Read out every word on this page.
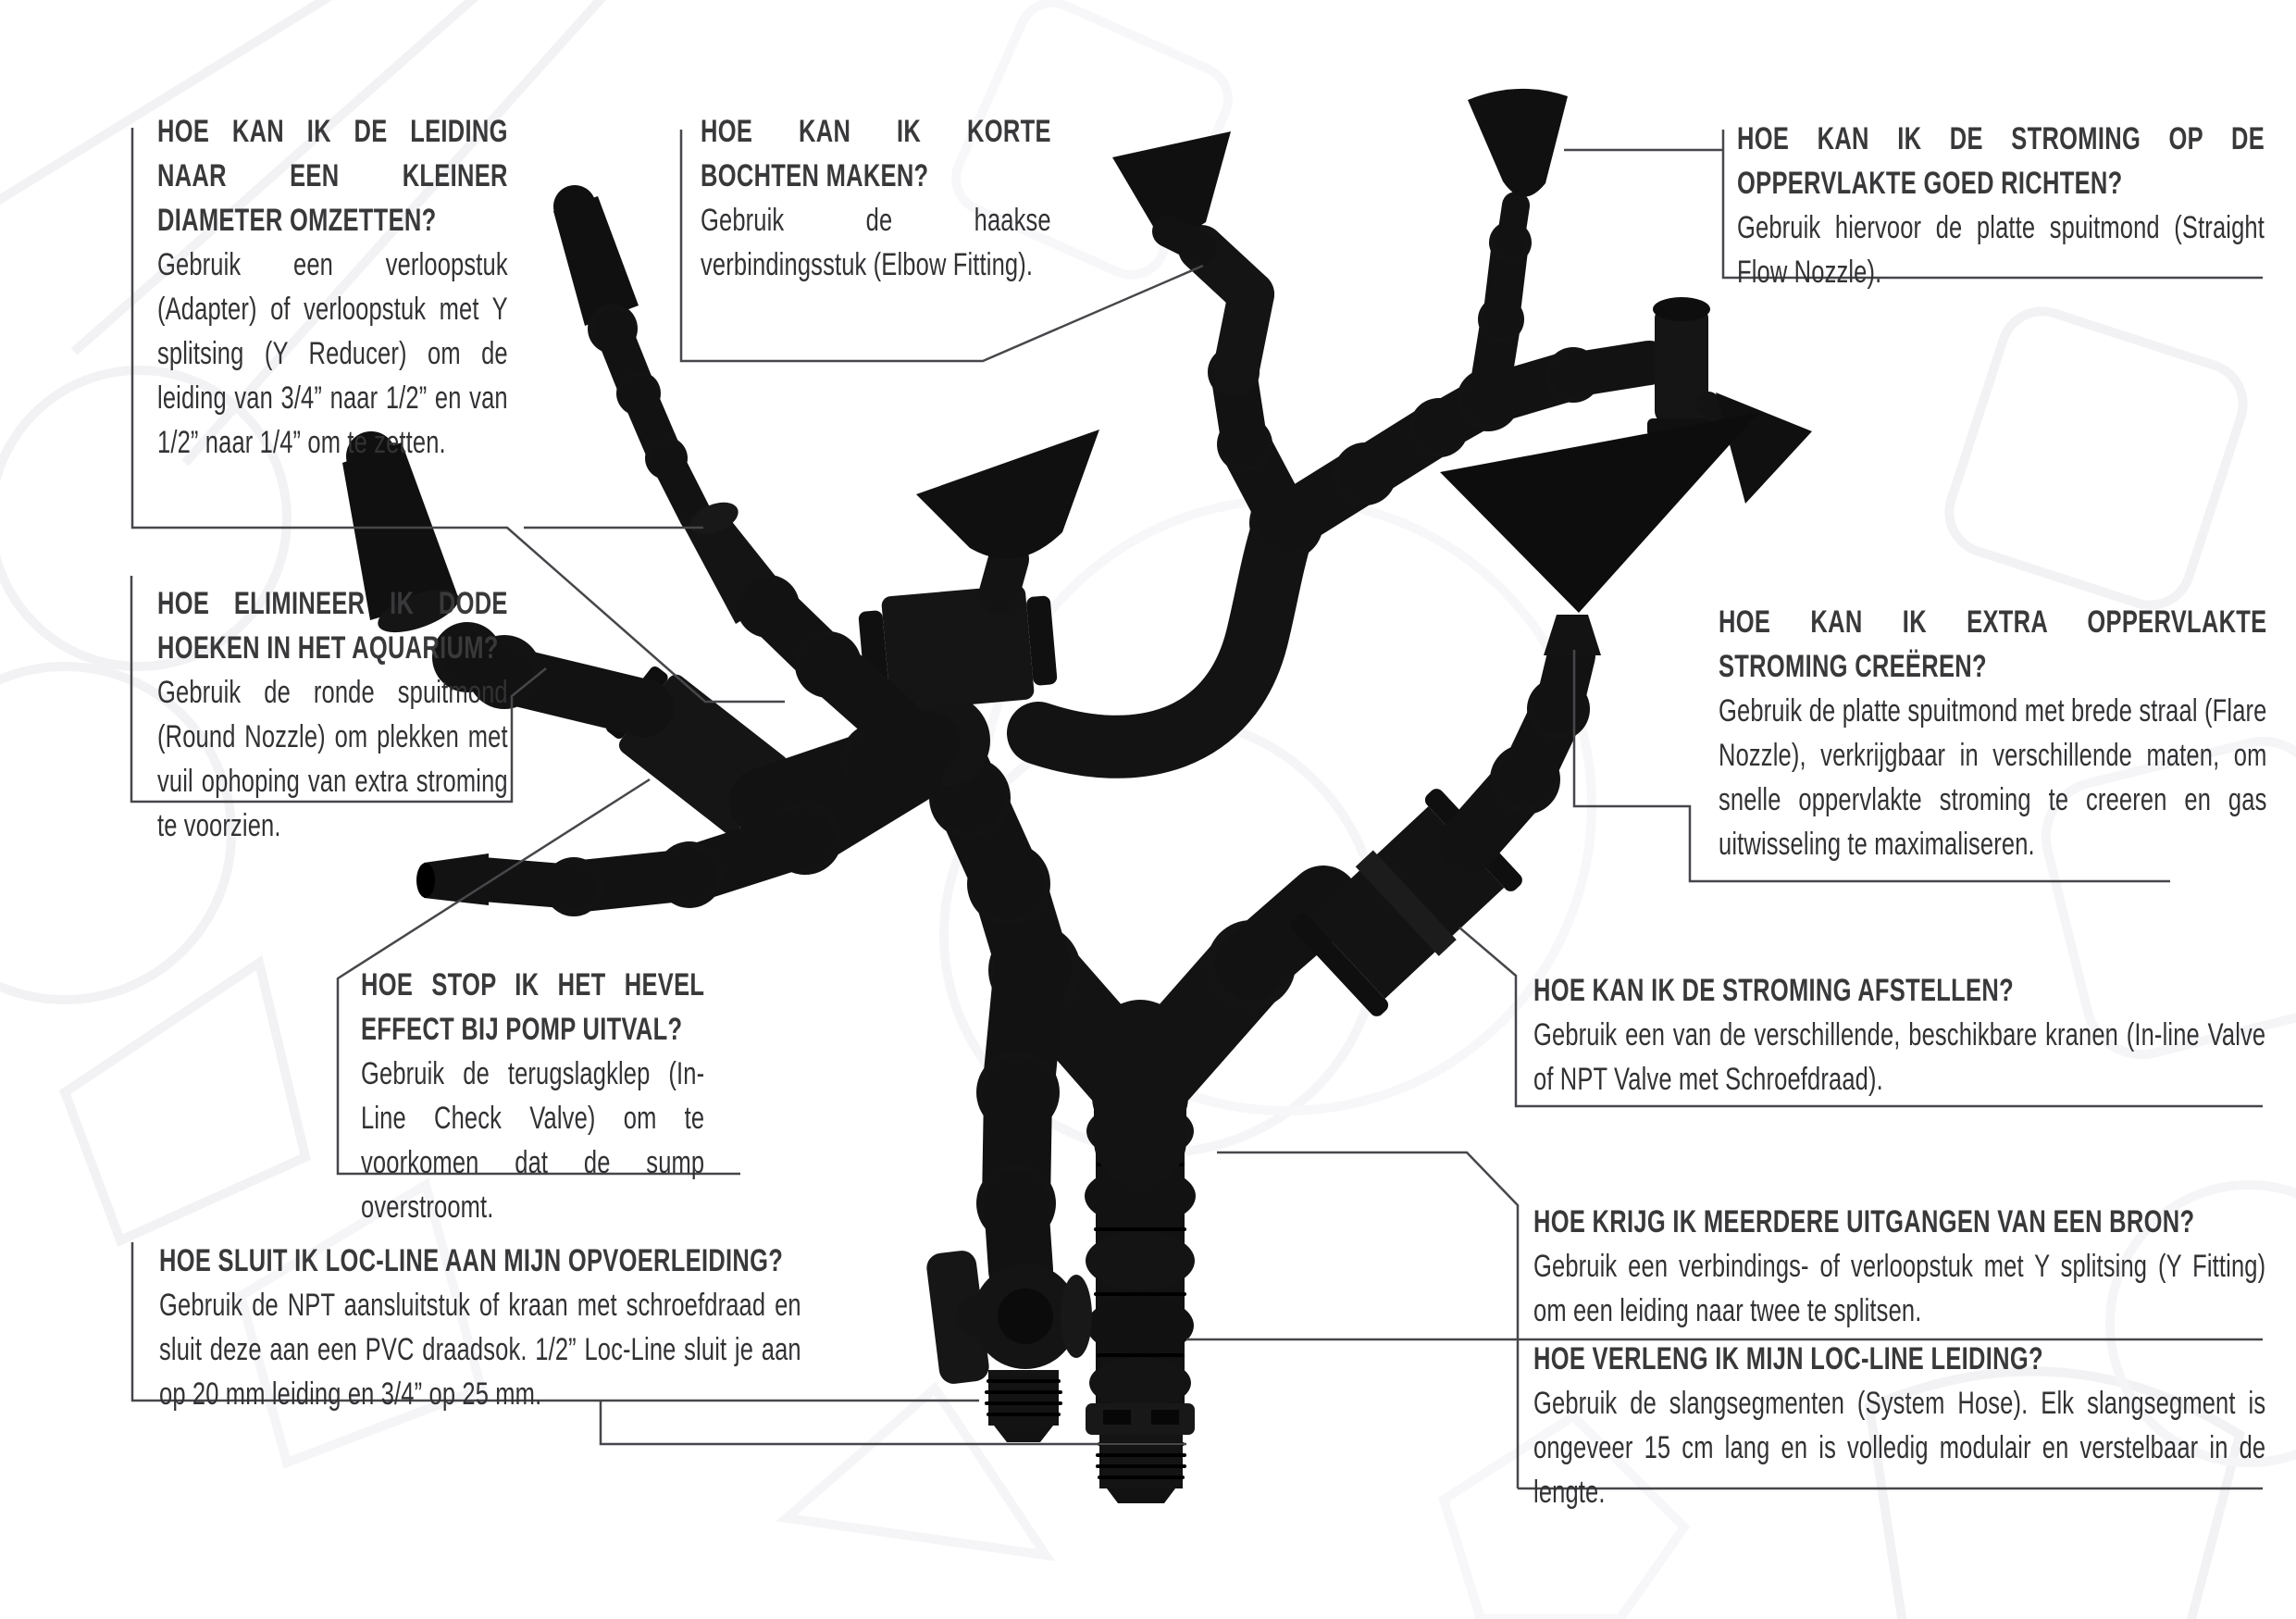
HOE KAN IK DE LEIDING NAAR EEN KLEINER DIAMETER OMZETTEN?

Gebruik een verloopstuk (Adapter) of verloopstuk met Y splitsing (Y Reducer) om de leiding van 3/4” naar 1/2” en van 1/2” naar 1/4” om te zetten.

HOE KAN IK KORTE BOCHTEN MAKEN?

Gebruik de haakse verbindingsstuk (Elbow Fitting).

HOE KAN IK DE STROMING OP DE OPPERVLAKTE GOED RICHTEN?

Gebruik hiervoor de platte spuitmond (Straight Flow Nozzle).

HOE ELIMINEER IK DODE HOEKEN IN HET AQUARIUM?

Gebruik de ronde spuitmond (Round Nozzle) om plekken met vuil ophoping van extra stroming te voorzien.

HOE KAN IK EXTRA OPPERVLAKTE STROMING CREËREN?

Gebruik de platte spuitmond met brede straal (Flare Nozzle), verkrijgbaar in verschillende maten, om snelle oppervlakte stroming te creeren en gas uitwisseling te maximaliseren.

HOE STOP IK HET HEVEL EFFECT BIJ POMP UITVAL?

Gebruik de terugslagklep (In-Line Check Valve) om te voorkomen dat de sump overstroomt.

HOE KAN IK DE STROMING AFSTELLEN?

Gebruik een van de verschillende, beschikbare kranen (In-line Valve of NPT Valve met Schroefdraad).

HOE KRIJG IK MEERDERE UITGANGEN VAN EEN BRON?

Gebruik een verbindings- of verloopstuk met Y splitsing (Y Fitting) om een leiding naar twee te splitsen.

HOE SLUIT IK LOC-LINE AAN MIJN OPVOERLEIDING?

Gebruik de NPT aansluitstuk of kraan met schroefdraad en sluit deze aan een PVC draadsok. 1/2” Loc-Line sluit je aan op 20 mm leiding en 3/4” op 25 mm.

HOE VERLENG IK MIJN LOC-LINE LEIDING?

Gebruik de slangsegmenten (System Hose). Elk slangsegment is ongeveer 15 cm lang en is volledig modulair en verstelbaar in de lengte.
